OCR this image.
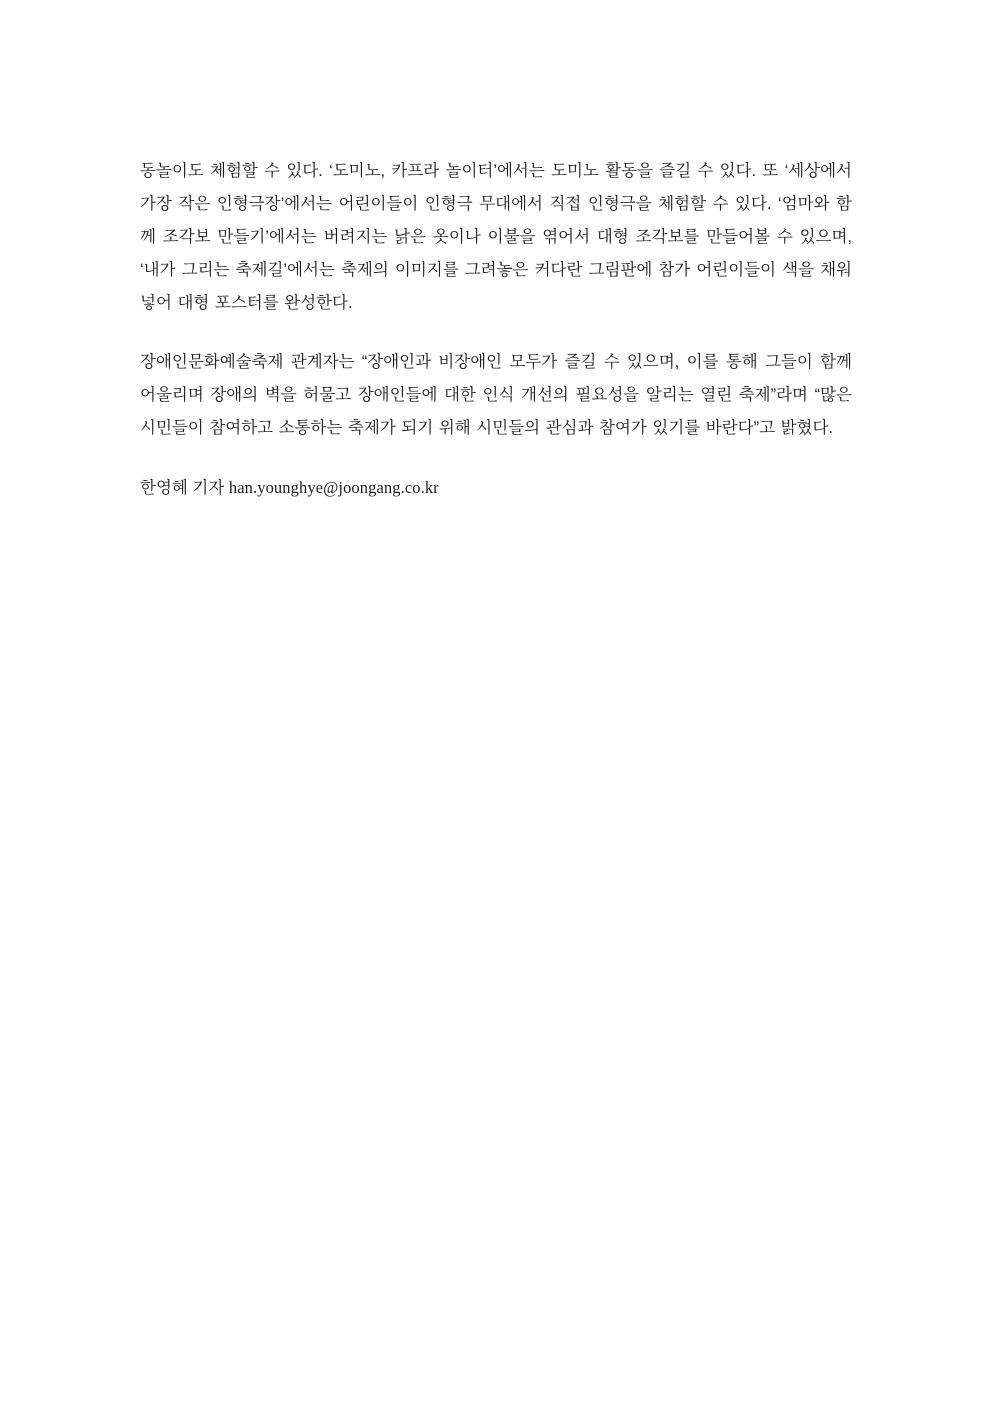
동놀이도 체험할 수 있다. ‘도미노, 카프라 놀이터’에서는 도미노 활동을 즐길 수 있다. 또 ‘세상에서 가장 작은 인형극장’에서는 어린이들이 인형극 무대에서 직접 인형극을 체험할 수 있다. ‘엄마와 함께 조각보 만들기’에서는 버려지는 낡은 옷이나 이불을 엮어서 대형 조각보를 만들어볼 수 있으며, ‘내가 그리는 축제길’에서는 축제의 이미지를 그려놓은 커다란 그림판에 참가 어린이들이 색을 채워 넣어 대형 포스터를 완성한다.

장애인문화예술축제 관계자는 “장애인과 비장애인 모두가 즐길 수 있으며, 이를 통해 그들이 함께 어울리며 장애의 벽을 허물고 장애인들에 대한 인식 개선의 필요성을 알리는 열린 축제”라며 “많은 시민들이 참여하고 소통하는 축제가 되기 위해 시민들의 관심과 참여가 있기를 바란다”고 밝혔다.

한영혜 기자 han.younghye@joongang.co.kr
